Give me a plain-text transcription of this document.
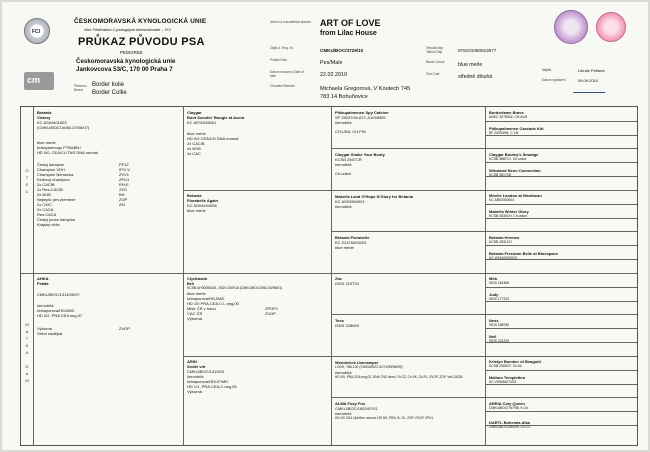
FCI
cm
ČESKOMORAVSKÁ KYNOLOGICKÁ UNIE
člen Fédération Cynologique Internationale – FCI
PRŮKAZ PŮVODU PSA
PEDIGREE
Českomoravská kynologická unie
Jankovcova 53/C, 170 00 Praha 7
Plemeno Breed
Border kolie
Border Collie
Jméno a chovatelská stanice
Zápis č. Reg. Nr.
Pohlaví Sex
Datum narození Date of birth
Chovatel Breeder
ART OF LOVE
from Lilac House
CMKU/BOC/3729/10
Pes/Male
22.02.2010
Michaela Gregorová, V Koutech 745
783 14 Bohuňovice
Tetování/čip Tattoo/Chip	978101080023877
Barva Colour	blue merle
Srst Coat	středně dlouhá
Majitel	Libuše Petlaná
Datum vystavení	08.09.2010
O
T
E
C
M
A
T
K
A

D
A
M
Betania
Victory
KC AS04401603
(CMKU/BOC/1646/-07/08/07)
blue merle
bnkeyamnogo PTB&BN+
HD 0/0, CEA/CL/TNS DNA normal
Český šampion	FP12
Champion VDH	IPO-V
Champion Německa	ZVV1
Klubový champion	ZPU1
2x CACIB	RH-E
2x Res.CACIB	ZZO
2x BOB	BH
Nejlepší pes plemene	ZOP
2x CWC	ZM
2x CACA
Res.CACA
Český junior šampion
Krajský vítěz
AHKA
Fetiák
CMKU/BOC/1314/05/07
černobílá
Imbaporova/HDJ/MD
HD 0/2, PRA CEA neg,07
Výborná	ZVOP
Velmi nadějná
Claygar
Boot Scootin' Boogie at Accra
KC AF02435001
blue merle
HD 0/0 CEA/CH DNA normal
2x CACIB
4x BOB
4x CAC
Betania
Florabelle Again
KC AS04494008
blue merle
Clydebank
Brit
KCSB AH00055201, ISDS 240918 (CMKU/BOC/398/-00/98/01)
blue merle
Imbaporova/HDJ/MD
HD 1/0 PRA,CEA,C.L.neg,00
Mistr ČR v tracu	ZPOP1
CAC ČR	ZVOP
Výborná
ARIN
Srdíčí vítr
CMKU/BOC/1410/03
černobílá
Imbaporova/HD/1F/MD
HD 1/1, PRA,CEA,C.neg,05
Výborná
Pikkupalmenen Spy Catcher
SF 25037/94 ATC A1090909
černobílá
CH,USA, CH,FIN
Claygar Shake Your Booty
KCSB 2467CR
černobílá
Ch.unkor
Mabella Land O'Hope N'Glory for Betania
KC AS03954001
černobílá
Betania Florabelle
KC Z2478403203
blue merle
Zac
ISDS 219720
Tess
ISDS 228069
Wendevick Usecamper
LOSH, 786.100 (CMKU/BOC/1071/98/96/99)
černobílá
HD 0/0, PRA,CEA neg,02, DNA-TNS clear; Ch.CZ, Ch.SK, Ch.PL, ZVOP, ZOP, Vet.CACIB
ALMA Foxy Fox
CMKU/BOC/1603/97/01
černobílá
HD 0/0 CEA OptiGen normal; HD 0/0, PRA, B, Ch, ZOP, ZVOP, ZPU1
Borderfame Brave
ANKC 3078042, CH.AUS
Pikkupalmenen Cascade Kid
SF 20093/94, C.I.B.
Claygar Boutey's Smudge
KCSB 3887CJ, Ch.unkor
Wiesland Neon Connection
KCSB 3817CE
Mirelle Landon at Westtown
KC AB02030604
Mabella Winter Glory
KCSB 0830CH, Ch.unkor
Betania Hermes
KCSB 2831CH
Betania Freedom Belle at Bluespace
KC W0162000003
Mirk
ISDS 161466
Judy
ISDS 177222
Ness
ISDS 188780
Nell
ISDS 201220
Kristyn Bomber of Beagold
KCSB 2568CF, Ch.NL
Mallum Templetton
KC V0948407V03
ARRIA Coly Queen
CMKU/BOC/757/98, K.Ch.
DARTL Bohemia Alka
CMKU/BOC/454/99, Ch.CZ
